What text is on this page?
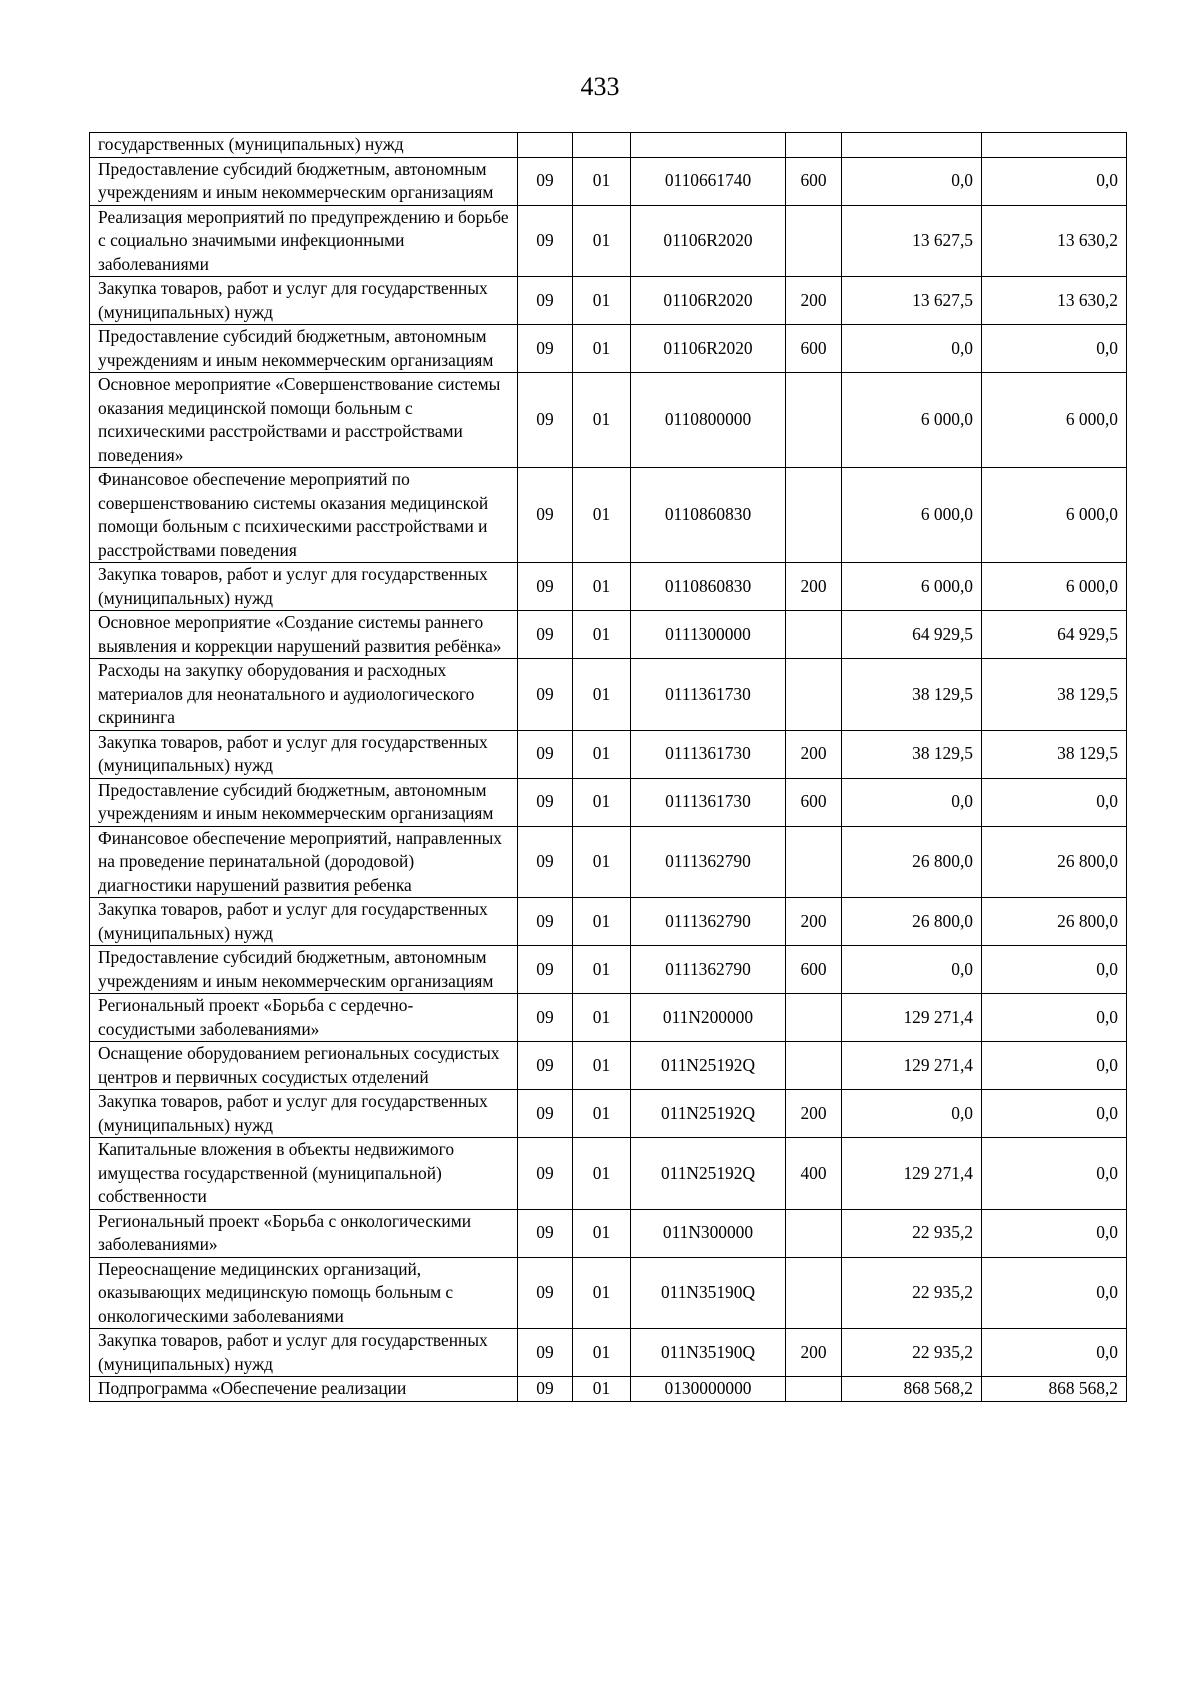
433
государственных (муниципальных) нужд						
Предоставление субсидий бюджетным, автономным учреждениям и иным некоммерческим организациям	09	01	0110661740	600	0,0	0,0
Реализация мероприятий по предупреждению и борьбе с социально значимыми инфекционными заболеваниями	09	01	01106R2020		13 627,5	13 630,2
Закупка товаров, работ и услуг для государственных (муниципальных) нужд	09	01	01106R2020	200	13 627,5	13 630,2
Предоставление субсидий бюджетным, автономным учреждениям и иным некоммерческим организациям	09	01	01106R2020	600	0,0	0,0
Основное мероприятие «Совершенствование системы оказания медицинской помощи больным с психическими расстройствами и расстройствами поведения»	09	01	0110800000		6 000,0	6 000,0
Финансовое обеспечение мероприятий по совершенствованию системы оказания медицинской помощи больным с психическими расстройствами и расстройствами поведения	09	01	0110860830		6 000,0	6 000,0
Закупка товаров, работ и услуг для государственных (муниципальных) нужд	09	01	0110860830	200	6 000,0	6 000,0
Основное мероприятие «Создание системы раннего выявления и коррекции нарушений развития ребёнка»	09	01	0111300000		64 929,5	64 929,5
Расходы на закупку оборудования и расходных материалов для неонатального и аудиологического скрининга	09	01	0111361730		38 129,5	38 129,5
Закупка товаров, работ и услуг для государственных (муниципальных) нужд	09	01	0111361730	200	38 129,5	38 129,5
Предоставление субсидий бюджетным, автономным учреждениям и иным некоммерческим организациям	09	01	0111361730	600	0,0	0,0
Финансовое обеспечение мероприятий, направленных на проведение перинатальной (дородовой) диагностики нарушений развития ребенка	09	01	0111362790		26 800,0	26 800,0
Закупка товаров, работ и услуг для государственных (муниципальных) нужд	09	01	0111362790	200	26 800,0	26 800,0
Предоставление субсидий бюджетным, автономным учреждениям и иным некоммерческим организациям	09	01	0111362790	600	0,0	0,0
Региональный проект «Борьба с сердечно-сосудистыми заболеваниями»	09	01	011N200000		129 271,4	0,0
Оснащение оборудованием региональных сосудистых центров и первичных сосудистых отделений	09	01	011N25192Q		129 271,4	0,0
Закупка товаров, работ и услуг для государственных (муниципальных) нужд	09	01	011N25192Q	200	0,0	0,0
Капитальные вложения в объекты недвижимого имущества государственной (муниципальной) собственности	09	01	011N25192Q	400	129 271,4	0,0
Региональный проект «Борьба с онкологическими заболеваниями»	09	01	011N300000		22 935,2	0,0
Переоснащение медицинских организаций, оказывающих медицинскую помощь больным с онкологическими заболеваниями	09	01	011N35190Q		22 935,2	0,0
Закупка товаров, работ и услуг для государственных (муниципальных) нужд	09	01	011N35190Q	200	22 935,2	0,0
Подпрограмма «Обеспечение реализации	09	01	0130000000		868 568,2	868 568,2
